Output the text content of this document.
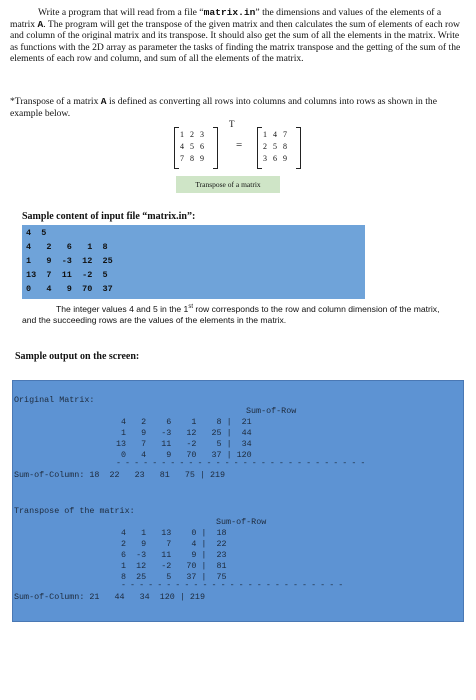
Write a program that will read from a file “matrix.in” the dimensions and values of the elements of a matrix A. The program will get the transpose of the given matrix and then calculates the sum of elements of each row and column of the original matrix and its transpose. It should also get the sum of all the elements in the matrix. Write as functions with the 2D array as parameter the tasks of finding the matrix transpose and the getting of the sum of the elements of each row and column, and sum of all the elements of the matrix.
*Transpose of a matrix A is defined as converting all rows into columns and columns into rows as shown in the example below.
1 2 3
4 5 6
7 8 9
T
=
1 4 7
2 5 8
3 6 9
Transpose of a matrix
Sample content of input file “matrix.in”:
4  5
4   2   6   1  8
1   9  -3  12  25
13  7  11  -2  5
0   4   9  70  37
The integer values 4 and 5 in the 1st row corresponds to the row and column dimension of the matrix, and the succeeding rows are the values of the elements in the matrix.
Sample output on the screen:
Original Matrix:
Sum-of-Row
4   2    6    1    8 |  21
1   9   -3   12   25 |  44
13   7   11   -2    5 |  34
0   4    9   70   37 | 120
- - - - - - - - - - - - - - - - - - - - - - - - - - - -
Sum-of-Column: 18  22   23   81   75 | 219
Transpose of the matrix:
Sum-of-Row
4   1   13    0 |  18
2   9    7    4 |  22
6  -3   11    9 |  23
1  12   -2   70 |  81
8  25    5   37 |  75
- - - - - - - - - - - - - - - - - - - - - - - - -
Sum-of-Column: 21   44   34  120 | 219
